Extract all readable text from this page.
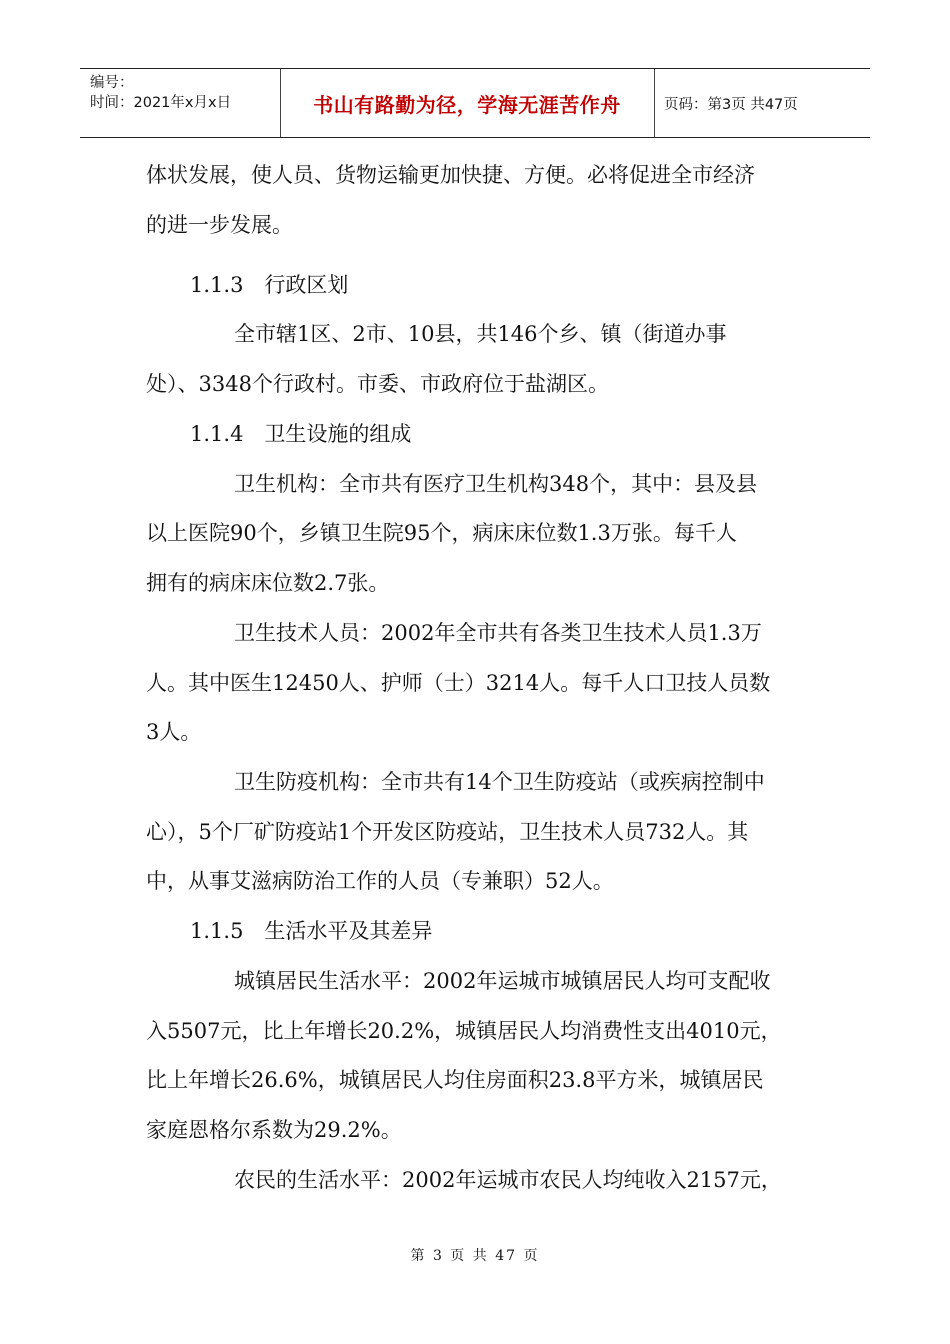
编号：
时间：2021年x月x日	书山有路勤为径，学海无涯苦作舟	页码：第3页 共47页
体状发展，使人员、货物运输更加快捷、方便。必将促进全市经济
的进一步发展。
1.1.3　行政区划
全市辖1区、2市、10县，共146个乡、镇（街道办事
处）、3348个行政村。市委、市政府位于盐湖区。
1.1.4　卫生设施的组成
卫生机构：全市共有医疗卫生机构348个，其中：县及县
以上医院90个，乡镇卫生院95个，病床床位数1.3万张。每千人
拥有的病床床位数2.7张。
卫生技术人员：2002年全市共有各类卫生技术人员1.3万
人。其中医生12450人、护师（士）3214人。每千人口卫技人员数
3人。
卫生防疫机构：全市共有14个卫生防疫站（或疾病控制中
心），5个厂矿防疫站1个开发区防疫站，卫生技术人员732人。其
中，从事艾滋病防治工作的人员（专兼职）52人。
1.1.5　生活水平及其差异
城镇居民生活水平：2002年运城市城镇居民人均可支配收
入5507元，比上年增长20.2%，城镇居民人均消费性支出4010元，
比上年增长26.6%，城镇居民人均住房面积23.8平方米，城镇居民
家庭恩格尔系数为29.2%。
农民的生活水平：2002年运城市农民人均纯收入2157元，
第 3 页 共 47 页
